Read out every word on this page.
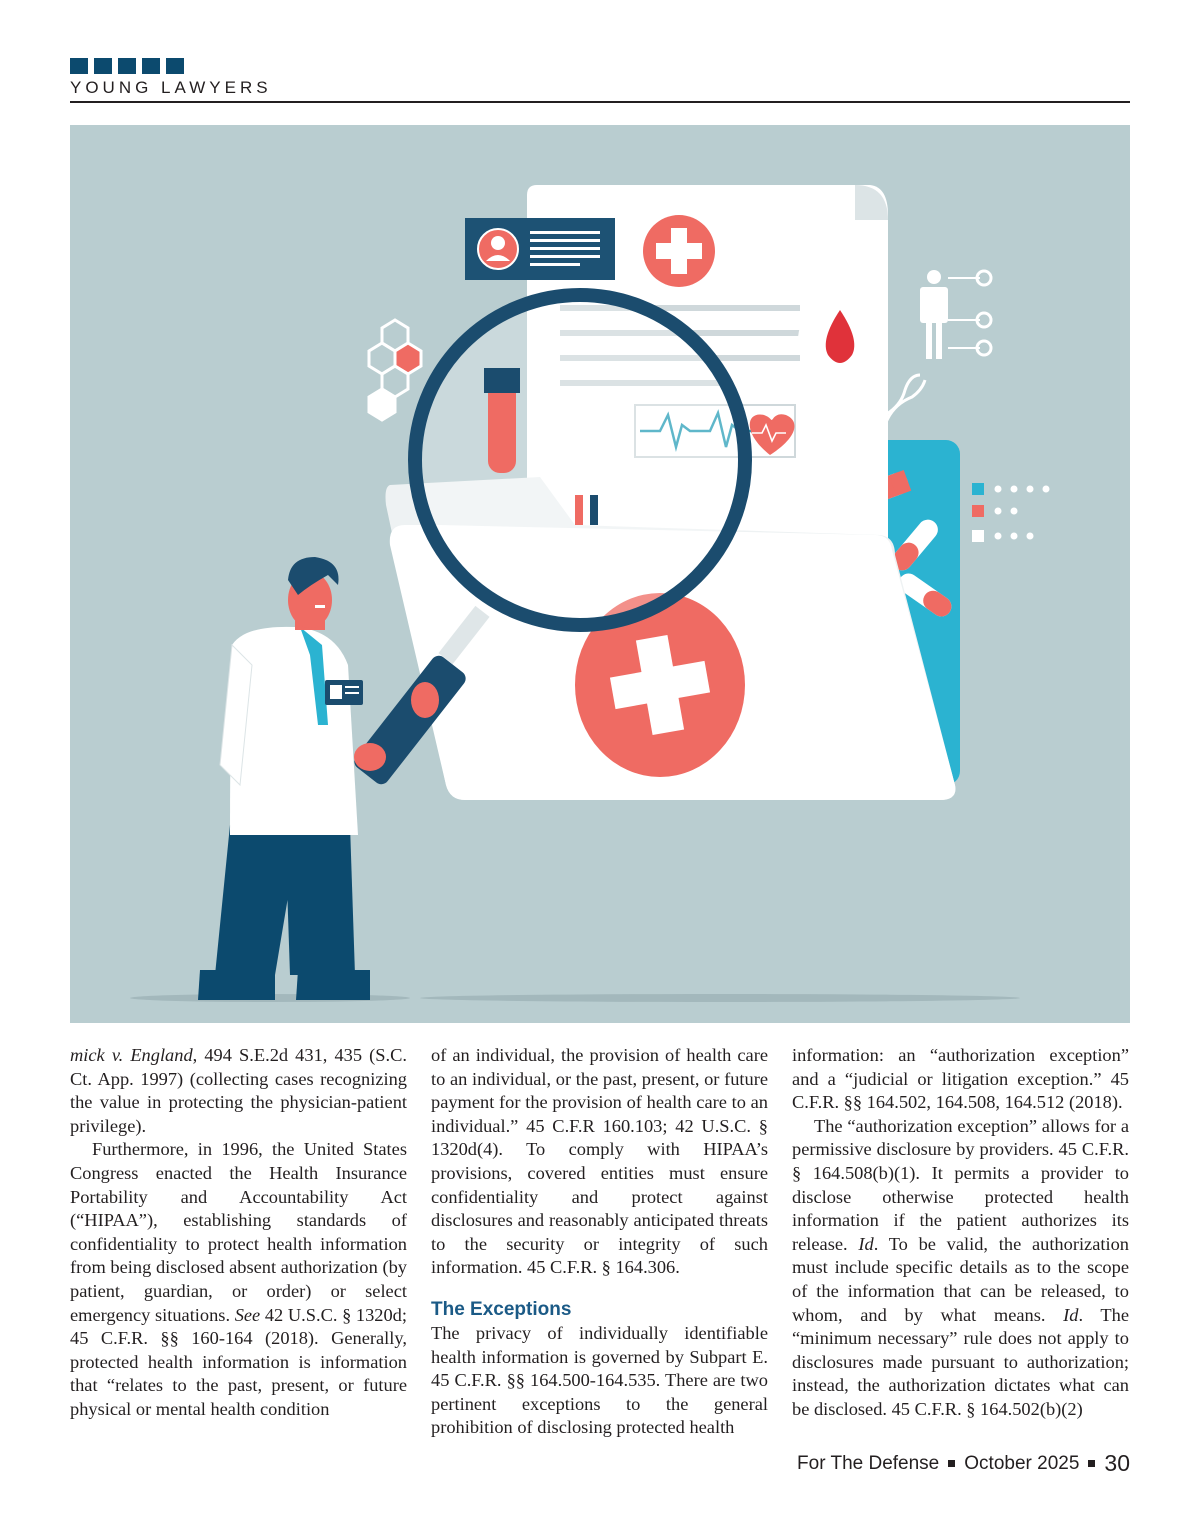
YOUNG LAWYERS

mick v. England, 494 S.E.2d 431, 435 (S.C. Ct. App. 1997) (collecting cases recognizing the value in protecting the physician-patient privilege).

Furthermore, in 1996, the United States Congress enacted the Health Insurance Portability and Accountability Act (“HIPAA”), establishing standards of confidentiality to protect health information from being disclosed absent authorization (by patient, guardian, or order) or select emergency situations. See 42 U.S.C. § 1320d; 45 C.F.R. §§ 160-164 (2018). Generally, protected health information is information that “relates to the past, present, or future physical or mental health condition

of an individual, the provision of health care to an individual, or the past, present, or future payment for the provision of health care to an individual.” 45 C.F.R 160.103; 42 U.S.C. § 1320d(4). To comply with HIPAA’s provisions, covered entities must ensure confidentiality and protect against disclosures and reasonably anticipated threats to the security or integrity of such information. 45 C.F.R. § 164.306.

The Exceptions

The privacy of individually identifiable health information is governed by Subpart E. 45 C.F.R. §§ 164.500-164.535. There are two pertinent exceptions to the general prohibition of disclosing protected health

information: an “authorization exception” and a “judicial or litigation exception.” 45 C.F.R. §§ 164.502, 164.508, 164.512 (2018).

The “authorization exception” allows for a permissive disclosure by providers. 45 C.F.R. § 164.508(b)(1). It permits a provider to disclose otherwise protected health information if the patient authorizes its release. Id. To be valid, the authorization must include specific details as to the scope of the information that can be released, to whom, and by what means. Id. The “minimum necessary” rule does not apply to disclosures made pursuant to authorization; instead, the authorization dictates what can be disclosed. 45 C.F.R. § 164.502(b)(2)

For The Defense October 2025 30
